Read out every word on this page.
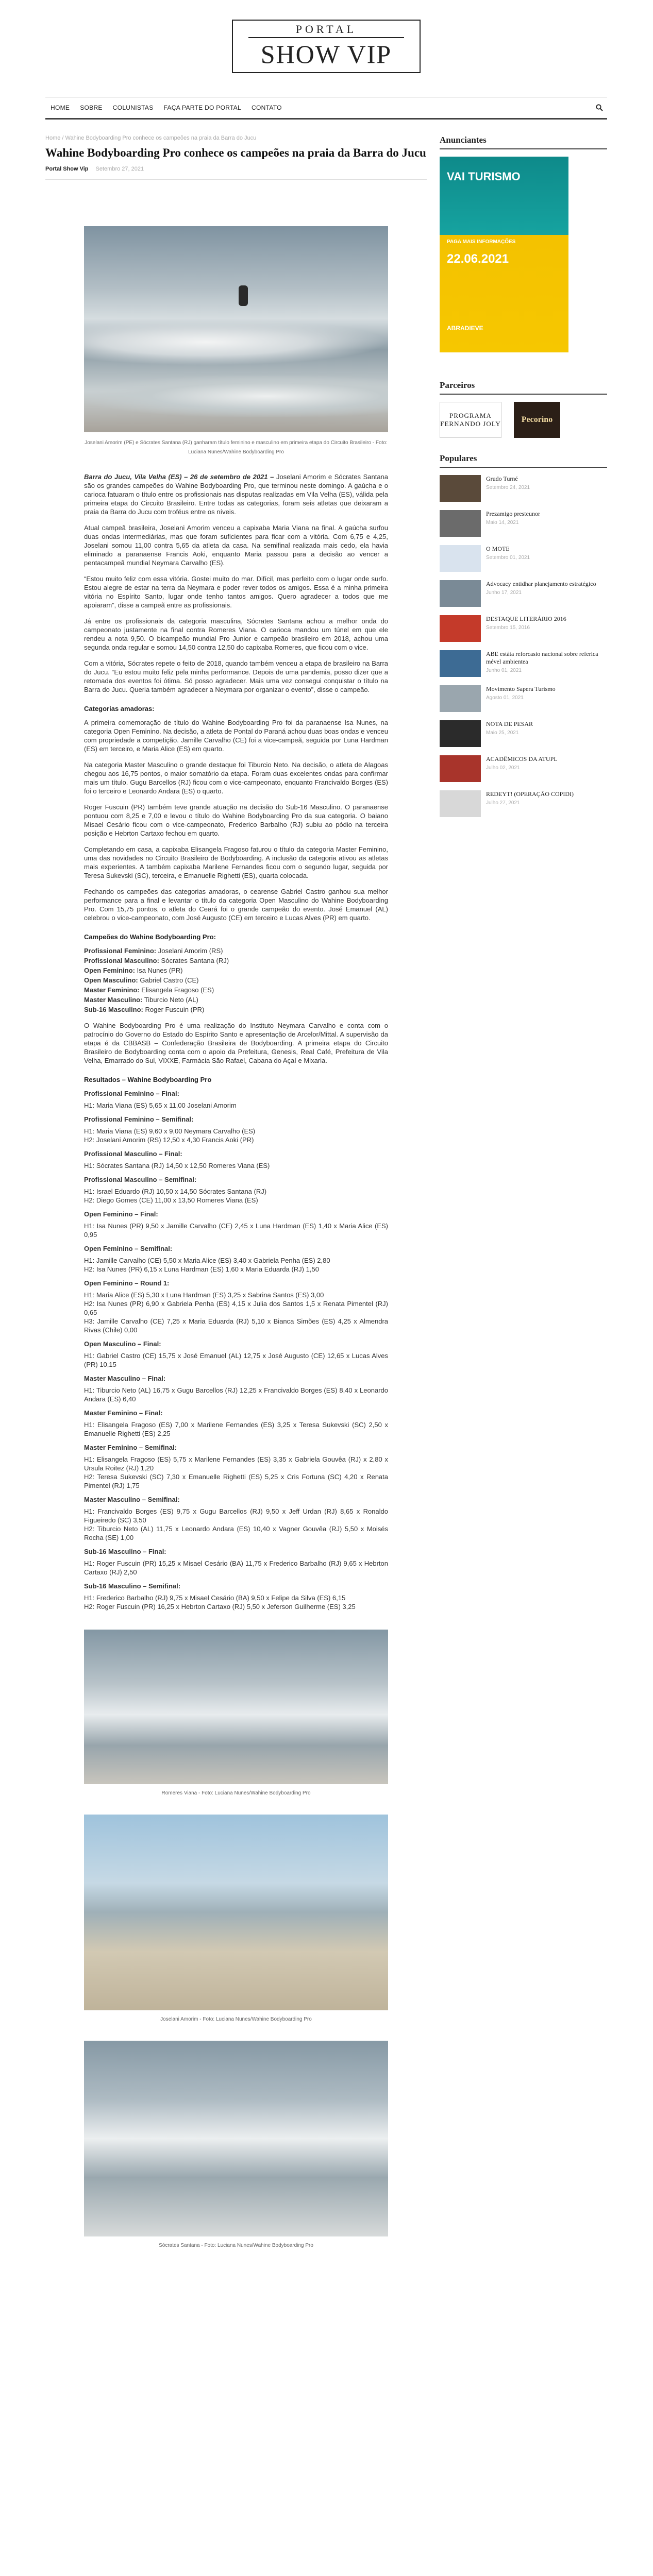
PORTAL
SHOW VIP
HOME	SOBRE	COLUNISTAS	FAÇA PARTE DO PORTAL	CONTATO
Home / Wahine Bodyboarding Pro conhece os campeões na praia da Barra do Jucu
Wahine Bodyboarding Pro conhece os campeões na praia da Barra do Jucu
Portal Show Vip Setembro 27, 2021
Joselani Amorim (PE) e Sócrates Santana (RJ) ganharam título feminino e masculino em primeira etapa do Circuito Brasileiro - Foto: Luciana Nunes/Wahine Bodyboarding Pro

Barra do Jucu, Vila Velha (ES) – 26 de setembro de 2021 – Joselani Amorim e Sócrates Santana são os grandes campeões do Wahine Bodyboarding Pro, que terminou neste domingo. A gaúcha e o carioca fatuaram o título entre os profissionais nas disputas realizadas em Vila Velha (ES), válida pela primeira etapa do Circuito Brasileiro. Entre todas as categorias, foram seis atletas que deixaram a praia da Barra do Jucu com troféus entre os níveis.

Atual campeã brasileira, Joselani Amorim venceu a capixaba Maria Viana na final. A gaúcha surfou duas ondas intermediárias, mas que foram suficientes para ficar com a vitória. Com 6,75 e 4,25, Joselani somou 11,00 contra 5,65 da atleta da casa. Na semifinal realizada mais cedo, ela havia eliminado a paranaense Francis Aoki, enquanto Maria passou para a decisão ao vencer a pentacampeã mundial Neymara Carvalho (ES).

“Estou muito feliz com essa vitória. Gostei muito do mar. Difícil, mas perfeito com o lugar onde surfo. Estou alegre de estar na terra da Neymara e poder rever todos os amigos. Essa é a minha primeira vitória no Espírito Santo, lugar onde tenho tantos amigos. Quero agradecer a todos que me apoiaram”, disse a campeã entre as profissionais.

Já entre os profissionais da categoria masculina, Sócrates Santana achou a melhor onda do campeonato justamente na final contra Romeres Viana. O carioca mandou um túnel em que ele rendeu a nota 9,50. O bicampeão mundial Pro Junior e campeão brasileiro em 2018, achou uma segunda onda regular e somou 14,50 contra 12,50 do capixaba Romeres, que ficou com o vice.

Com a vitória, Sócrates repete o feito de 2018, quando também venceu a etapa de brasileiro na Barra do Jucu. “Eu estou muito feliz pela minha performance. Depois de uma pandemia, posso dizer que a retomada dos eventos foi ótima. Só posso agradecer. Mais uma vez consegui conquistar o título na Barra do Jucu. Queria também agradecer a Neymara por organizar o evento”, disse o campeão.

Categorias amadoras:

A primeira comemoração de título do Wahine Bodyboarding Pro foi da paranaense Isa Nunes, na categoria Open Feminino. Na decisão, a atleta de Pontal do Paraná achou duas boas ondas e venceu com propriedade a competição. Jamille Carvalho (CE) foi a vice-campeã, seguida por Luna Hardman (ES) em terceiro, e Maria Alice (ES) em quarto.

Na categoria Master Masculino o grande destaque foi Tiburcio Neto. Na decisão, o atleta de Alagoas chegou aos 16,75 pontos, o maior somatório da etapa. Foram duas excelentes ondas para confirmar mais um título. Gugu Barcellos (RJ) ficou com o vice-campeonato, enquanto Francivaldo Borges (ES) foi o terceiro e Leonardo Andara (ES) o quarto.

Roger Fuscuin (PR) também teve grande atuação na decisão do Sub-16 Masculino. O paranaense pontuou com 8,25 e 7,00 e levou o título do Wahine Bodyboarding Pro da sua categoria. O baiano Misael Cesário ficou com o vice-campeonato, Frederico Barbalho (RJ) subiu ao pódio na terceira posição e Hebrton Cartaxo fechou em quarto.

Completando em casa, a capixaba Elisangela Fragoso faturou o título da categoria Master Feminino, uma das novidades no Circuito Brasileiro de Bodyboarding. A inclusão da categoria ativou as atletas mais experientes. A também capixaba Marilene Fernandes ficou com o segundo lugar, seguida por Teresa Sukevski (SC), terceira, e Emanuelle Righetti (ES), quarta colocada.

Fechando os campeões das categorias amadoras, o cearense Gabriel Castro ganhou sua melhor performance para a final e levantar o título da categoria Open Masculino do Wahine Bodyboarding Pro. Com 15,75 pontos, o atleta do Ceará foi o grande campeão do evento. José Emanuel (AL) celebrou o vice-campeonato, com José Augusto (CE) em terceiro e Lucas Alves (PR) em quarto.

Campeões do Wahine Bodyboarding Pro:
Profissional Feminino: Joselani Amorim (RS)
Profissional Masculino: Sócrates Santana (RJ)
Open Feminino: Isa Nunes (PR)
Open Masculino: Gabriel Castro (CE)
Master Feminino: Elisangela Fragoso (ES)
Master Masculino: Tiburcio Neto (AL)
Sub-16 Masculino: Roger Fuscuin (PR)

O Wahine Bodyboarding Pro é uma realização do Instituto Neymara Carvalho e conta com o patrocínio do Governo do Estado do Espírito Santo e apresentação de Arcelor/Mittal. A supervisão da etapa é da CBBASB – Confederação Brasileira de Bodyboarding. A primeira etapa do Circuito Brasileiro de Bodyboarding conta com o apoio da Prefeitura, Genesis, Real Café, Prefeitura de Vila Velha, Emarrado do Sul, VIXXE, Farmácia São Rafael, Cabana do Açaí e Mixaria.

Resultados – Wahine Bodyboarding Pro
Profissional Feminino – Final:
H1: Maria Viana (ES) 5,65 x 11,00 Joselani Amorim
Profissional Feminino – Semifinal:
H1: Maria Viana (ES) 9,60 x 9,00 Neymara Carvalho (ES)
H2: Joselani Amorim (RS) 12,50 x 4,30 Francis Aoki (PR)
Profissional Masculino – Final:
H1: Sócrates Santana (RJ) 14,50 x 12,50 Romeres Viana (ES)
Profissional Masculino – Semifinal:
H1: Israel Eduardo (RJ) 10,50 x 14,50 Sócrates Santana (RJ)
H2: Diego Gomes (CE) 11,00 x 13,50 Romeres Viana (ES)
Open Feminino – Final:
H1: Isa Nunes (PR) 9,50 x Jamille Carvalho (CE) 2,45 x Luna Hardman (ES) 1,40 x Maria Alice (ES) 0,95
Open Feminino – Semifinal:
H1: Jamille Carvalho (CE) 5,50 x Maria Alice (ES) 3,40 x Gabriela Penha (ES) 2,80
H2: Isa Nunes (PR) 6,15 x Luna Hardman (ES) 1,60 x Maria Eduarda (RJ) 1,50
Open Feminino – Round 1:
H1: Maria Alice (ES) 5,30 x Luna Hardman (ES) 3,25 x Sabrina Santos (ES) 3,00
H2: Isa Nunes (PR) 6,90 x Gabriela Penha (ES) 4,15 x Julia dos Santos 1,5 x Renata Pimentel (RJ) 0,65
H3: Jamille Carvalho (CE) 7,25 x Maria Eduarda (RJ) 5,10 x Bianca Simões (ES) 4,25 x Almendra Rivas (Chile) 0,00
Open Masculino – Final:
H1: Gabriel Castro (CE) 15,75 x José Emanuel (AL) 12,75 x José Augusto (CE) 12,65 x Lucas Alves (PR) 10,15
Master Masculino – Final:
H1: Tiburcio Neto (AL) 16,75 x Gugu Barcellos (RJ) 12,25 x Francivaldo Borges (ES) 8,40 x Leonardo Andara (ES) 6,40
Master Feminino – Final:
H1: Elisangela Fragoso (ES) 7,00 x Marilene Fernandes (ES) 3,25 x Teresa Sukevski (SC) 2,50 x Emanuelle Righetti (ES) 2,25
Master Feminino – Semifinal:
H1: Elisangela Fragoso (ES) 5,75 x Marilene Fernandes (ES) 3,35 x Gabriela Gouvêa (RJ) x 2,80 x Ursula Roitez (RJ) 1,20
H2: Teresa Sukevski (SC) 7,30 x Emanuelle Righetti (ES) 5,25 x Cris Fortuna (SC) 4,20 x Renata Pimentel (RJ) 1,75
Master Masculino – Semifinal:
H1: Francivaldo Borges (ES) 9,75 x Gugu Barcellos (RJ) 9,50 x Jeff Urdan (RJ) 8,65 x Ronaldo Figueiredo (SC) 3,50
H2: Tiburcio Neto (AL) 11,75 x Leonardo Andara (ES) 10,40 x Vagner Gouvêa (RJ) 5,50 x Moisés Rocha (SE) 1,00
Sub-16 Masculino – Final:
H1: Roger Fuscuin (PR) 15,25 x Misael Cesário (BA) 11,75 x Frederico Barbalho (RJ) 9,65 x Hebrton Cartaxo (RJ) 2,50
Sub-16 Masculino – Semifinal:
H1: Frederico Barbalho (RJ) 9,75 x Misael Cesário (BA) 9,50 x Felipe da Silva (ES) 6,15
H2: Roger Fuscuin (PR) 16,25 x Hebrton Cartaxo (RJ) 5,50 x Jeferson Guilherme (ES) 3,25
Romeres Viana - Foto: Luciana Nunes/Wahine Bodyboarding Pro
Joselani Amorim - Foto: Luciana Nunes/Wahine Bodyboarding Pro
Sócrates Santana - Foto: Luciana Nunes/Wahine Bodyboarding Pro
Anunciantes
VAI TURISMO
PAGA MAIS INFORMAÇÕES
22.06.2021
ABRADIEVE
Parceiros
PROGRAMA
FERNANDO JOLY	Pecorino
Populares
Grudo Turné
Setembro 24, 2021
Prezamigo presteunor
Maio 14, 2021
O MOTE
Setembro 01, 2021
Advocacy entidhar planejamento estratégico
Junho 17, 2021
DESTAQUE LITERÁRIO 2016
Setembro 15, 2016
ABE estáta reforcasio nacional sobre referica mével ambientea
Junho 01, 2021
Movimento Sapera Turismo
Agosto 01, 2021
NOTA DE PESAR
Maio 25, 2021
ACADÊMICOS DA ATUPL
Julho 02, 2021
REDEYT! (OPERAÇÃO COPIDI)
Julho 27, 2021
